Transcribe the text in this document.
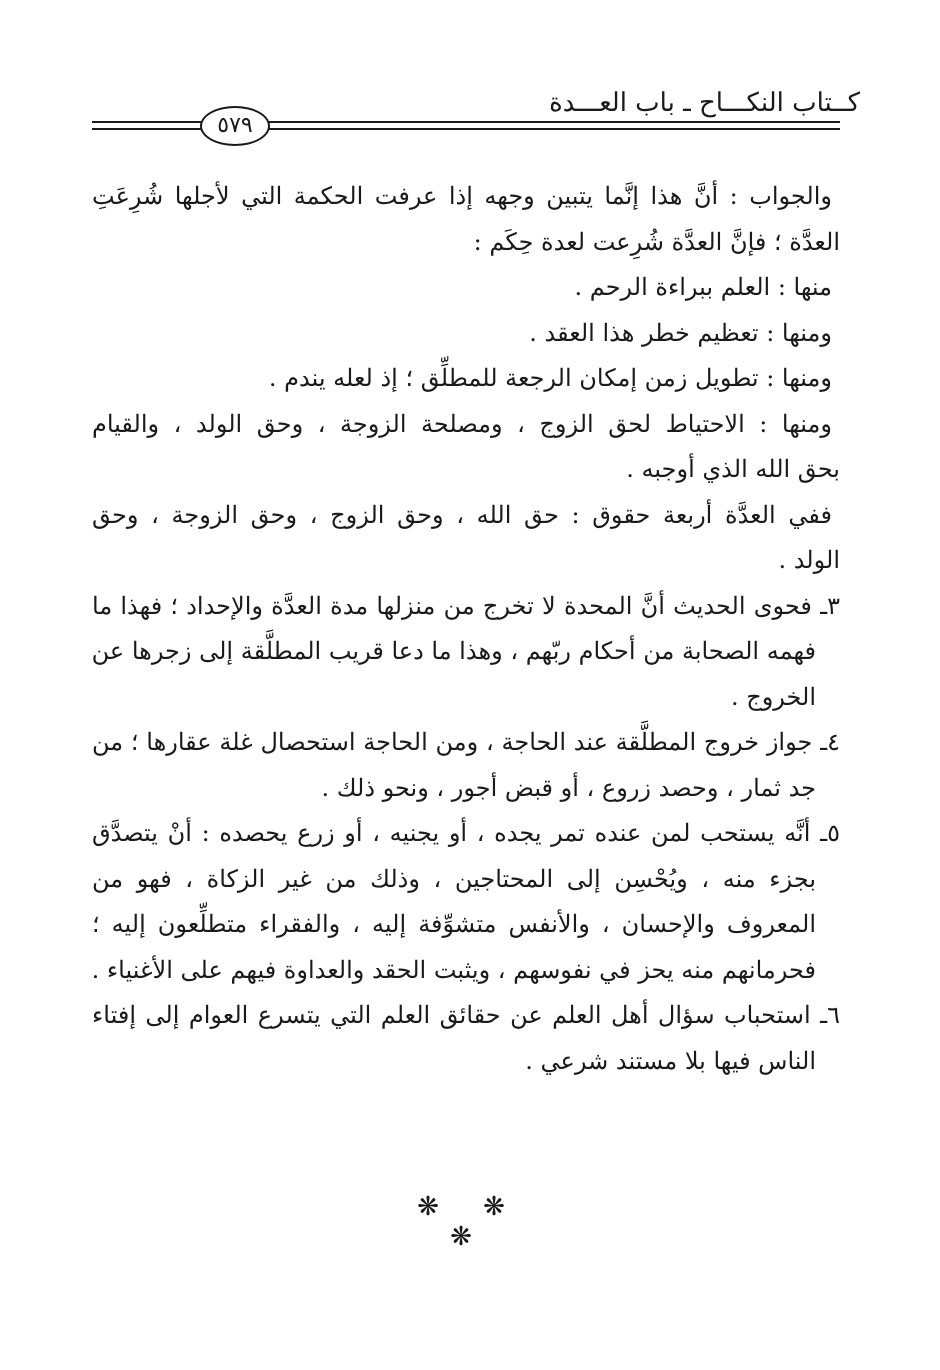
كــتاب النكـــاح ـ باب العـــدة
٥٧٩
والجواب : أنَّ هذا إنَّما يتبين وجهه إذا عرفت الحكمة التي لأجلها شُرِعَتِ
العدَّة ؛ فإنَّ العدَّة شُرِعت لعدة حِكَم :
منها : العلم ببراءة الرحم .
ومنها : تعظيم خطر هذا العقد .
ومنها : تطويل زمن إمكان الرجعة للمطلِّق ؛ إذ لعله يندم .
ومنها : الاحتياط لحق الزوج ، ومصلحة الزوجة ، وحق الولد ، والقيام
بحق الله الذي أوجبه .
ففي العدَّة أربعة حقوق : حق الله ، وحق الزوج ، وحق الزوجة ، وحق
الولد .
٣ـ فحوى الحديث أنَّ المحدة لا تخرج من منزلها مدة العدَّة والإحداد ؛ فهذا ما
فهمه الصحابة من أحكام ربّهم ، وهذا ما دعا قريب المطلَّقة إلى زجرها عن
الخروج .
٤ـ جواز خروج المطلَّقة عند الحاجة ، ومن الحاجة استحصال غلة عقارها ؛ من
جد ثمار ، وحصد زروع ، أو قبض أجور ، ونحو ذلك .
٥ـ أنَّه يستحب لمن عنده تمر يجده ، أو يجنيه ، أو زرع يحصده : أنْ يتصدَّق
بجزء منه ، ويُحْسِن إلى المحتاجين ، وذلك من غير الزكاة ، فهو من
المعروف والإحسان ، والأنفس متشوِّفة إليه ، والفقراء متطلِّعون إليه ؛
فحرمانهم منه يحز في نفوسهم ، ويثبت الحقد والعداوة فيهم على الأغنياء .
٦ـ استحباب سؤال أهل العلم عن حقائق العلم التي يتسرع العوام إلى إفتاء
الناس فيها بلا مستند شرعي .
❋ ❋ ❋
